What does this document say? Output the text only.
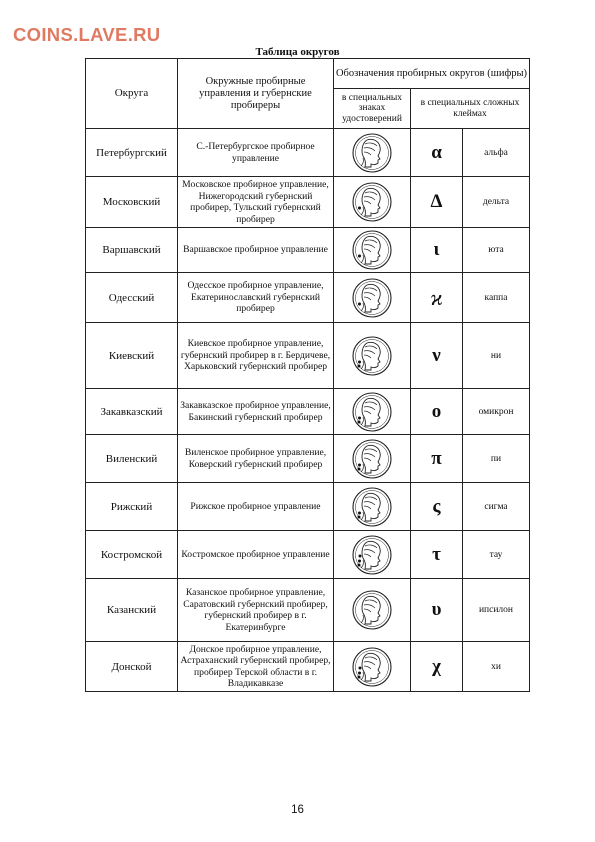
COINS.LAVE.RU
Таблица округов
Округа	Окружные пробирные управления и губернские пробиреры	Обозначения пробирных округов (шифры)		
		в специальных знаках удостоверений	в специальных сложных клеймах	
Петербургский	С.-Петербургское пробирное управление		α	альфа
Московский	Московское пробирное управление, Нижегородский губернский пробирер, Тульский губернский пробирер		Δ	дельта
Варшавский	Варшавское пробирное управление		ι	юта
Одесский	Одесское пробирное управление, Екатеринославский губернский пробирер		ϰ	каппа
Киевский	Киевское пробирное управление, губернский пробирер в г. Бердичеве, Харьковский губернский пробирер		ν	ни
Закавказский	Закавказское пробирное управление, Бакинский губернский пробирер		ο	омикрон
Виленский	Виленское пробирное управление, Коверский губернский пробирер		π	пи
Рижский	Рижское пробирное управление		ς	сигма
Костромской	Костромское пробирное управление		τ	тау
Казанский	Казанское пробирное управление, Саратовский губернский пробирер, губернский пробирер в г. Екатеринбурге		υ	ипсилон
Донской	Донское пробирное управление, Астраханский губернский пробирер, пробирер Терской области в г. Владикавказе		χ	хи
16
